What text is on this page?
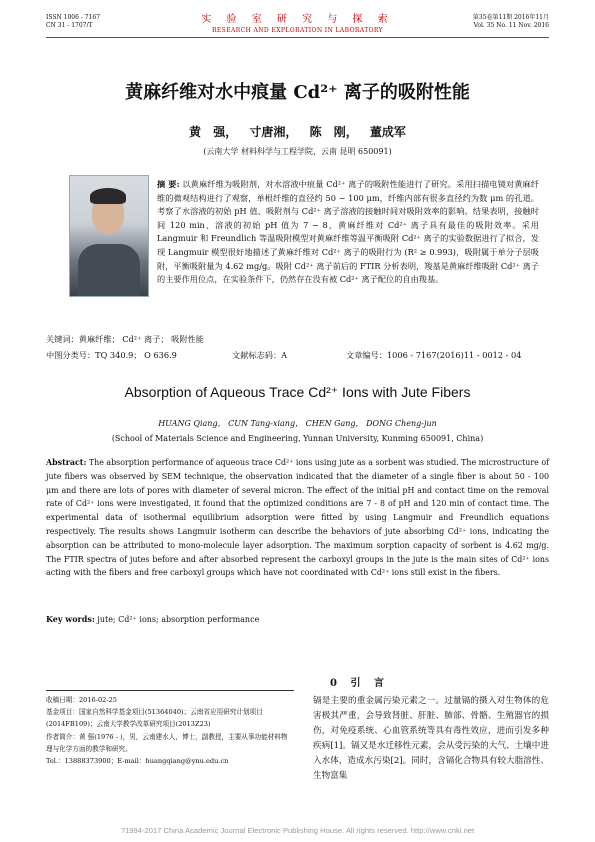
ISSN 1006 - 7167
CN 31 - 1707/T
实 验 室 研 究 与 探 索
RESEARCH AND EXPLORATION IN LABORATORY
第35卷第11期 2016年11月
Vol. 35 No. 11 Nov. 2016
黄麻纤维对水中痕量 Cd²⁺ 离子的吸附性能
黄 强， 寸唐湘， 陈 刚， 董成军
(云南大学 材料科学与工程学院，云南 昆明 650091)
摘 要: 以黄麻纤维为吸附剂，对水溶液中痕量 Cd²⁺ 离子的吸附性能进行了研究。采用扫描电镜对黄麻纤维的微观结构进行了观察，单根纤维的直径约 50 ~ 100 μm，纤维内部有很多直径约为数 μm 的孔道。考察了水溶液的初始 pH 值、吸附剂与 Cd²⁺ 离子溶液的接触时间对吸附效率的影响。结果表明，接触时间 120 min、溶液的初始 pH 值为 7 ~ 8，黄麻纤维对 Cd²⁺ 离子具有最佳的吸附效率。采用 Langmuir 和 Freundlich 等温吸附模型对黄麻纤维等温平衡吸附 Cd²⁺ 离子的实验数据进行了拟合，发现 Langmuir 模型很好地描述了黄麻纤维对 Cd²⁺ 离子的吸附行为 (R² ≥ 0.993)，吸附属于单分子层吸附，平衡吸附量为 4.62 mg/g。吸附 Cd²⁺ 离子前后的 FTIR 分析表明，羧基是黄麻纤维吸附 Cd²⁺ 离子的主要作用位点，在实验条件下，仍然存在没有被 Cd²⁺ 离子配位的自由羧基。
关键词：黄麻纤维； Cd²⁺ 离子； 吸附性能
中图分类号：TQ 340.9； O 636.9	文献标志码：A	文章编号：1006 - 7167(2016)11 - 0012 - 04
Absorption of Aqueous Trace Cd²⁺ Ions with Jute Fibers
HUANG Qiang， CUN Tang-xiang， CHEN Gang， DONG Cheng-jun
(School of Materials Science and Engineering, Yunnan University, Kunming 650091, China)
Abstract: The absorption performance of aqueous trace Cd²⁺ ions using jute as a sorbent was studied. The microstructure of jute fibers was observed by SEM technique, the observation indicated that the diameter of a single fiber is about 50 - 100 μm and there are lots of pores with diameter of several micron. The effect of the initial pH and contact time on the removal rate of Cd²⁺ ions were investigated, it found that the optimized conditions are 7 - 8 of pH and 120 min of contact time. The experimental data of isothermal equilibrium adsorption were fitted by using Langmuir and Freundlich equations respectively. The results shows Langmuir isotherm can describe the behaviors of jute absorbing Cd²⁺ ions, indicating the absorption can be attributed to mono-molecule layer adsorption. The maximum sorption capacity of sorbent is 4.62 mg/g. The FTIR spectra of jutes before and after absorbed represent the carboxyl groups in the jute is the main sites of Cd²⁺ ions acting with the fibers and free carboxyl groups which have not coordinated with Cd²⁺ ions still exist in the fibers.
Key words: jute; Cd²⁺ ions; absorption performance
收稿日期：2016-02-25
基金项目：国家自然科学基金项目(51364040)；云南省应用研究计划项目(2014FB109)；云南大学教学改革研究项目(2013Z23)
作者简介：黄 强(1976 - )，男，云南建水人，博士，副教授，主要从事功能材料物理与化学方面的教学和研究。
Tel.：13888373900；E-mail：huangqiang@ynu.edu.cn
0 引 言
镉是主要的重金属污染元素之一。过量镉的摄入对生物体的危害极其严重，会导致肾脏、肝脏、肺部、骨骼、生殖器官的损伤，对免疫系统、心血管系统等具有毒性效应，进而引发多种疾病[1]。镉又是水迁移性元素，会从受污染的大气、土壤中进入水体，造成水污染[2]。同时，含镉化合物具有较大脂溶性、生物富集
?1994-2017 China Academic Journal Electronic Publishing House. All rights reserved. http://www.cnki.net
